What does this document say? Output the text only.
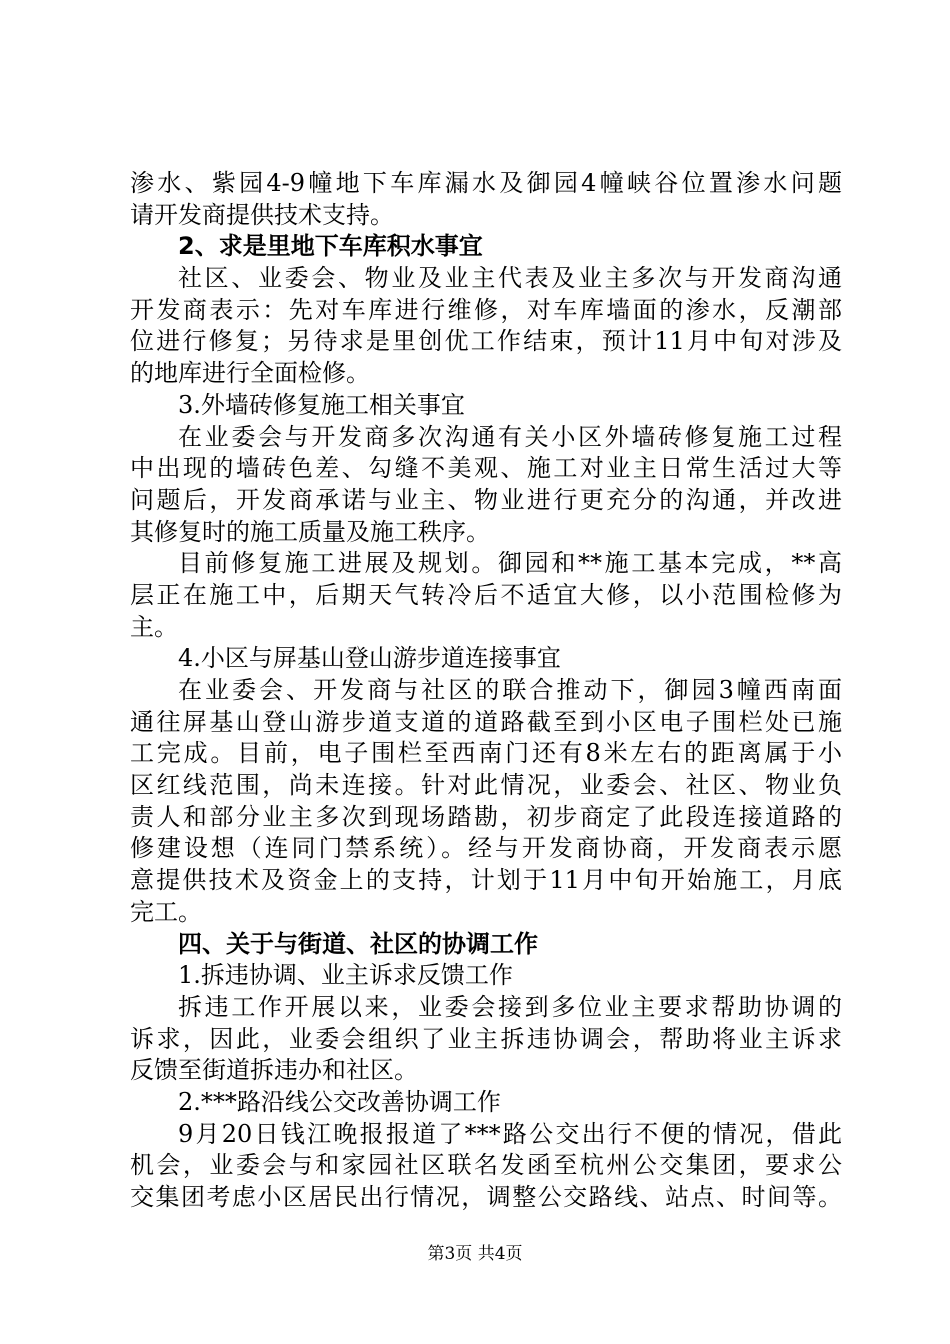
渗水、紫园4-9幢地下车库漏水及御园4幢峡谷位置渗水问题
请开发商提供技术支持。
2、求是里地下车库积水事宜
社区、业委会、物业及业主代表及业主多次与开发商沟通
开发商表示：先对车库进行维修，对车库墙面的渗水，反潮部
位进行修复；另待求是里创优工作结束，预计11月中旬对涉及
的地库进行全面检修。
3.外墙砖修复施工相关事宜
在业委会与开发商多次沟通有关小区外墙砖修复施工过程
中出现的墙砖色差、勾缝不美观、施工对业主日常生活过大等
问题后，开发商承诺与业主、物业进行更充分的沟通，并改进
其修复时的施工质量及施工秩序。
目前修复施工进展及规划。御园和**施工基本完成，**高
层正在施工中，后期天气转冷后不适宜大修，以小范围检修为
主。
4.小区与屏基山登山游步道连接事宜
在业委会、开发商与社区的联合推动下，御园3幢西南面
通往屏基山登山游步道支道的道路截至到小区电子围栏处已施
工完成。目前，电子围栏至西南门还有8米左右的距离属于小
区红线范围，尚未连接。针对此情况，业委会、社区、物业负
责人和部分业主多次到现场踏勘，初步商定了此段连接道路的
修建设想（连同门禁系统）。经与开发商协商，开发商表示愿
意提供技术及资金上的支持，计划于11月中旬开始施工，月底
完工。
四、关于与街道、社区的协调工作
1.拆违协调、业主诉求反馈工作
拆违工作开展以来，业委会接到多位业主要求帮助协调的
诉求，因此，业委会组织了业主拆违协调会，帮助将业主诉求
反馈至街道拆违办和社区。
2.***路沿线公交改善协调工作
9月20日钱江晚报报道了***路公交出行不便的情况，借此
机会，业委会与和家园社区联名发函至杭州公交集团，要求公
交集团考虑小区居民出行情况，调整公交路线、站点、时间等。
第3页 共4页
